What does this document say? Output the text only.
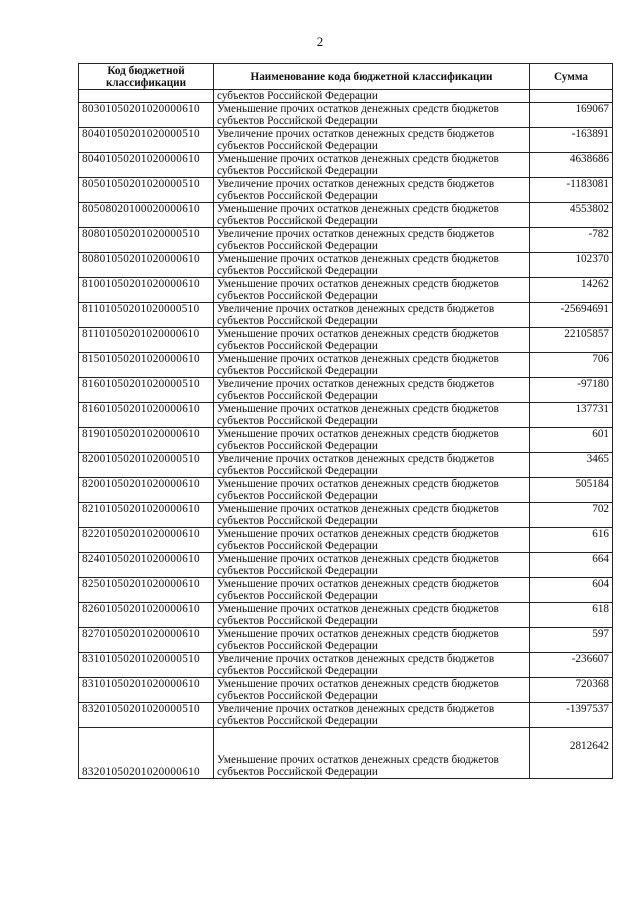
2
Код бюджетной классификации	Наименование кода бюджетной классификации	Сумма
	субъектов Российской Федерации	
80301050201020000610	Уменьшение прочих остатков денежных средств бюджетов субъектов Российской Федерации	169067
80401050201020000510	Увеличение прочих остатков денежных средств бюджетов субъектов Российской Федерации	-163891
80401050201020000610	Уменьшение прочих остатков денежных средств бюджетов субъектов Российской Федерации	4638686
80501050201020000510	Увеличение прочих остатков денежных средств бюджетов субъектов Российской Федерации	-1183081
80508020100020000610	Уменьшение прочих остатков денежных средств бюджетов субъектов Российской Федерации	4553802
80801050201020000510	Увеличение прочих остатков денежных средств бюджетов субъектов Российской Федерации	-782
80801050201020000610	Уменьшение прочих остатков денежных средств бюджетов субъектов Российской Федерации	102370
81001050201020000610	Уменьшение прочих остатков денежных средств бюджетов субъектов Российской Федерации	14262
81101050201020000510	Увеличение прочих остатков денежных средств бюджетов субъектов Российской Федерации	-25694691
81101050201020000610	Уменьшение прочих остатков денежных средств бюджетов субъектов Российской Федерации	22105857
81501050201020000610	Уменьшение прочих остатков денежных средств бюджетов субъектов Российской Федерации	706
81601050201020000510	Увеличение прочих остатков денежных средств бюджетов субъектов Российской Федерации	-97180
81601050201020000610	Уменьшение прочих остатков денежных средств бюджетов субъектов Российской Федерации	137731
81901050201020000610	Уменьшение прочих остатков денежных средств бюджетов субъектов Российской Федерации	601
82001050201020000510	Увеличение прочих остатков денежных средств бюджетов субъектов Российской Федерации	3465
82001050201020000610	Уменьшение прочих остатков денежных средств бюджетов субъектов Российской Федерации	505184
82101050201020000610	Уменьшение прочих остатков денежных средств бюджетов субъектов Российской Федерации	702
82201050201020000610	Уменьшение прочих остатков денежных средств бюджетов субъектов Российской Федерации	616
82401050201020000610	Уменьшение прочих остатков денежных средств бюджетов субъектов Российской Федерации	664
82501050201020000610	Уменьшение прочих остатков денежных средств бюджетов субъектов Российской Федерации	604
82601050201020000610	Уменьшение прочих остатков денежных средств бюджетов субъектов Российской Федерации	618
82701050201020000610	Уменьшение прочих остатков денежных средств бюджетов субъектов Российской Федерации	597
83101050201020000510	Увеличение прочих остатков денежных средств бюджетов субъектов Российской Федерации	-236607
83101050201020000610	Уменьшение прочих остатков денежных средств бюджетов субъектов Российской Федерации	720368
83201050201020000510	Увеличение прочих остатков денежных средств бюджетов субъектов Российской Федерации	-1397537
83201050201020000610	Уменьшение прочих остатков денежных средств бюджетов субъектов Российской Федерации	2812642
